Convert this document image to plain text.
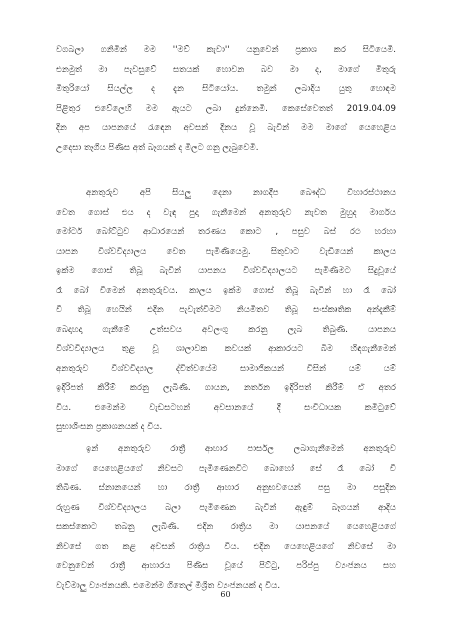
වගබලා ගනිමින් මම ''මව් කැවා'' යනුවෙන් ප්‍රකාශ කර සිටියෙමි.
එනමුත් මා පැවසුවේ සතයක් හොවන බව මා ද, මාගේ මිතුරු
මිතුරියෝ සියල්ල ද දැන සිටියෝය. තමුන් ලබාදිය යුතු හොඳම
පිළිතුර එවේලෙහි මම ඇයට ලබා දුන්නෙමි. කෙසේවෙතත් 2019.04.09
දින අප යාපනයේ රැඳෙන අවසන් දිනය වූ බැවින් මම මාගේ යෙහෙළිය
උදෙසා තෑගිය පිණිස අත් බෑගයක් ද මිලට ගනු ලැබුවෙමි.
අනතුරුව අපි සියලු දෙනා නාගදීප බෞද්ධ විහාරස්ථානය
වෙත ගොස් එය ද වැඳ පුදා ගැනීමෙන් අනතුරුව නැවත මුහුද මාර්ගය
මෝටර් බෝට්ටුව ආධාරයෙන් තරණය කොට , පසුව බස් රථ හරහා
යාපන විශ්වවිද්‍යාලය වෙත පැමිණියෙමු. සිතුවාට වැඩියෙන් කාලය
ඉක්ම ගොස් තිබූ බැවින් යාපනය විශ්වවිද්‍යාලයට පැමිණීමට සිදුවූයේ
රෑ බෝ වීමෙන් අනතුරුවය. කාලය ඉක්ම ගොස් තිබූ බැවින් හා රෑ බෝ
වී තිබූ හෙයින් එදින පැවැත්වීමට නියමිතව තිබූ සංස්කෘතික අන්දැකීම්
බෙදාහදා ගැනීමේ උත්සවය අවලංගු කරනු ලැබ තිබුණි. යාපනය
විශ්වවිද්‍යාලය තුළ වූ ශාලාවක කවයක් ආකාරයට බිම හිඳගැනීමෙන්
අනතුරුව විශ්වවිද්‍යාල ද්විත්වයේම සාමාජිකයන් විසින් යම් යම්
ඉදිරිපත් කිරීම් කරනු ලැබිණි. ගායන, නර්තන ඉදිරිපත් කිරීම් ඒ අතර
විය. එමෙන්ම වැඩසටහන් අවසානයේ දී සංවිධායක කමිටුවේ
සුභාශිංසන ප්‍රකාශනයක් ද විය.
ඉන් අනතුරුව රාත්‍රී ආහාර පාර්සල ලබාගැනීමෙන් අනතුරුව
මාගේ යෙහෙළියගේ නිවසට පැමිණෙනවිට බොහෝ සේ රෑ බෝ වී
තිබිණ. ස්නානයෙන් හා රාත්‍රී ආහාර අනුභවයෙන් පසු මා පසුදින
රුහුණ විශ්වවිද්‍යාලය බලා පැමිණෙන බැවින් ඇඳුම් බෑගයන් ආදිය
සකස්කොට තබනු ලැබිණි. එදින රාත්‍රිය මා යාපනයේ යෙහෙළියගේ
නිවසේ ගත කළ අවසන් රාත්‍රිය විය. එදින යෙහෙළියගේ නිවසේ මා
වෙනුවෙන් රාත්‍රී ආහාරය පිණිස වූයේ පිට්ටු, පරිප්පු ව්‍යංජනය සහ
වැව්මාලු ව්‍යංජනයකි. එමෙන්ම ගිතෙල් මිශ්‍රිත ව්‍යංජනයක් ද විය.
60
